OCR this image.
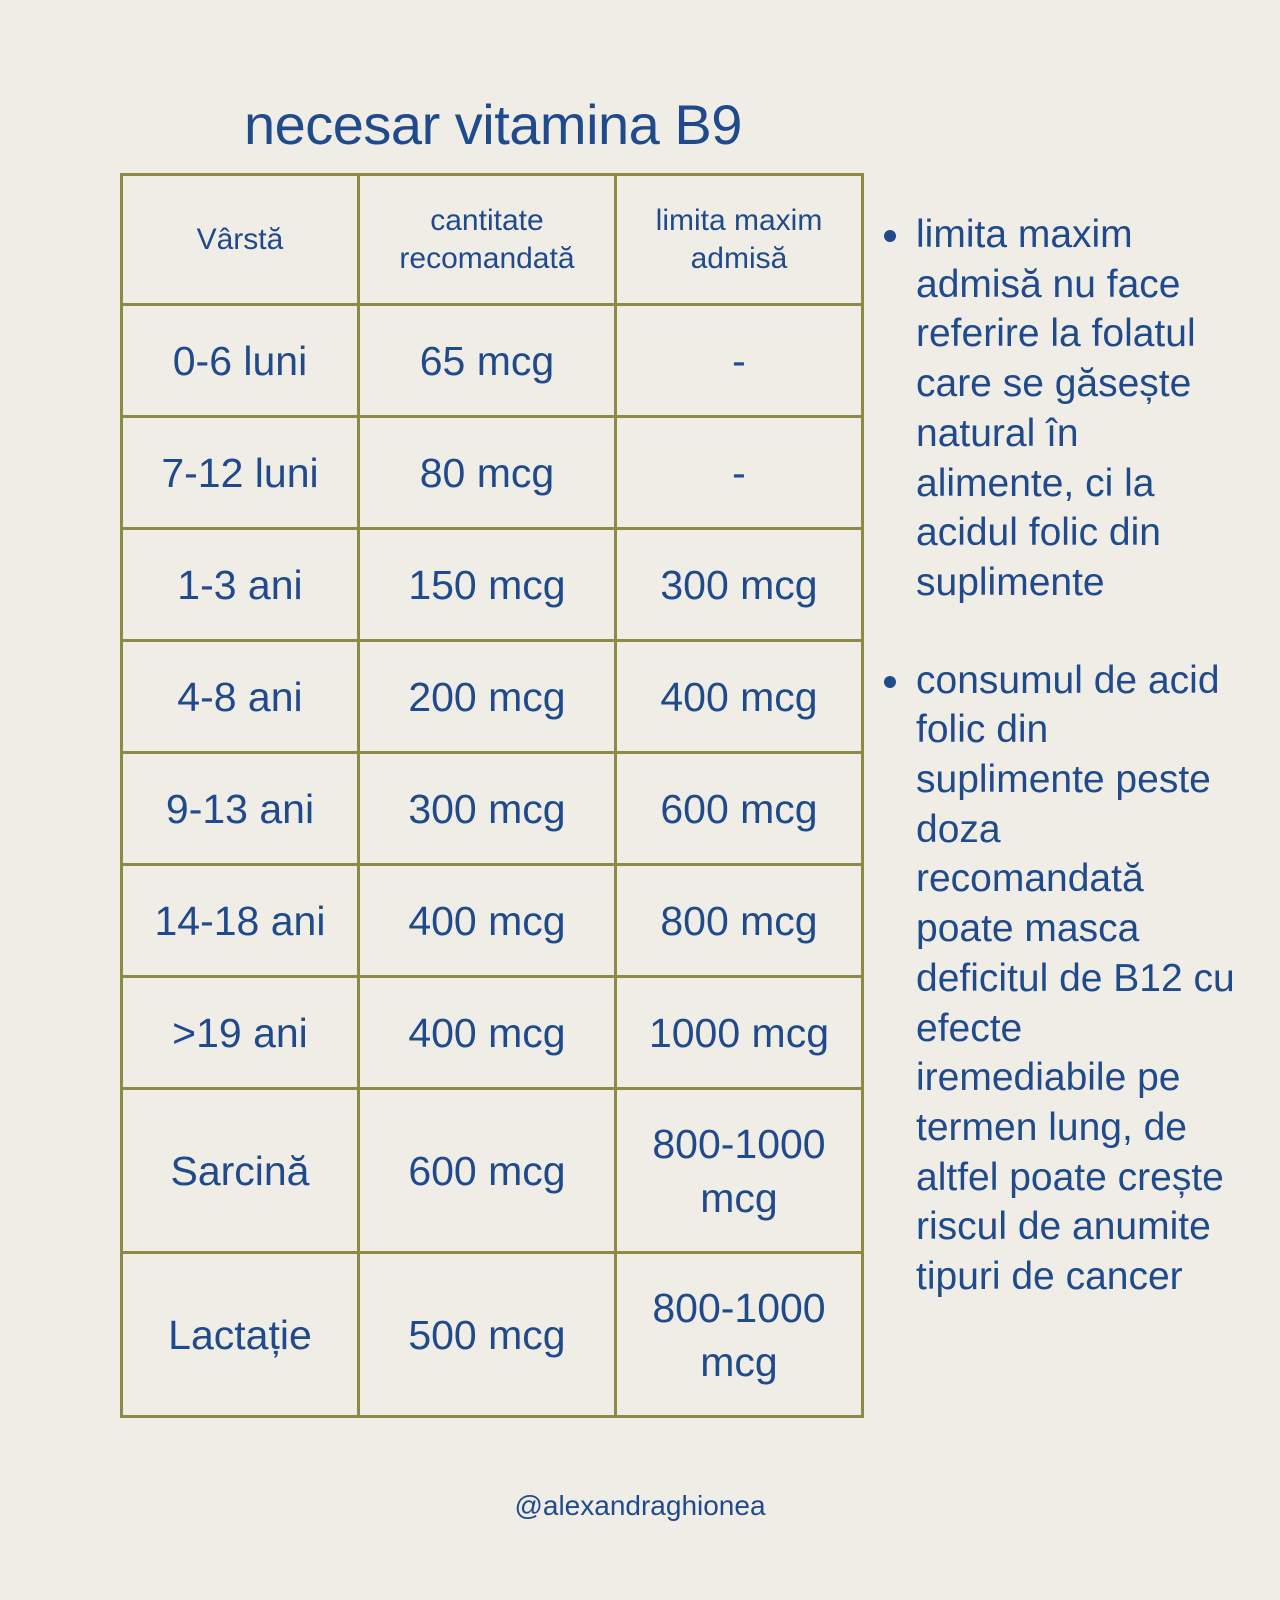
necesar vitamina B9
Vârstă	cantitate recomandată	limita maxim admisă
0-6 luni	65 mcg	-
7-12 luni	80 mcg	-
1-3 ani	150 mcg	300 mcg
4-8 ani	200 mcg	400 mcg
9-13 ani	300 mcg	600 mcg
14-18 ani	400 mcg	800 mcg
>19 ani	400 mcg	1000 mcg
Sarcină	600 mcg	800-1000 mcg
Lactație	500 mcg	800-1000 mcg
limita maxim admisă nu face referire la folatul care se găsește natural în alimente, ci la acidul folic din suplimente
consumul de acid folic din suplimente peste doza recomandată poate masca deficitul de B12 cu efecte iremediabile pe termen lung, de altfel poate crește riscul de anumite tipuri de cancer
@alexandraghionea
